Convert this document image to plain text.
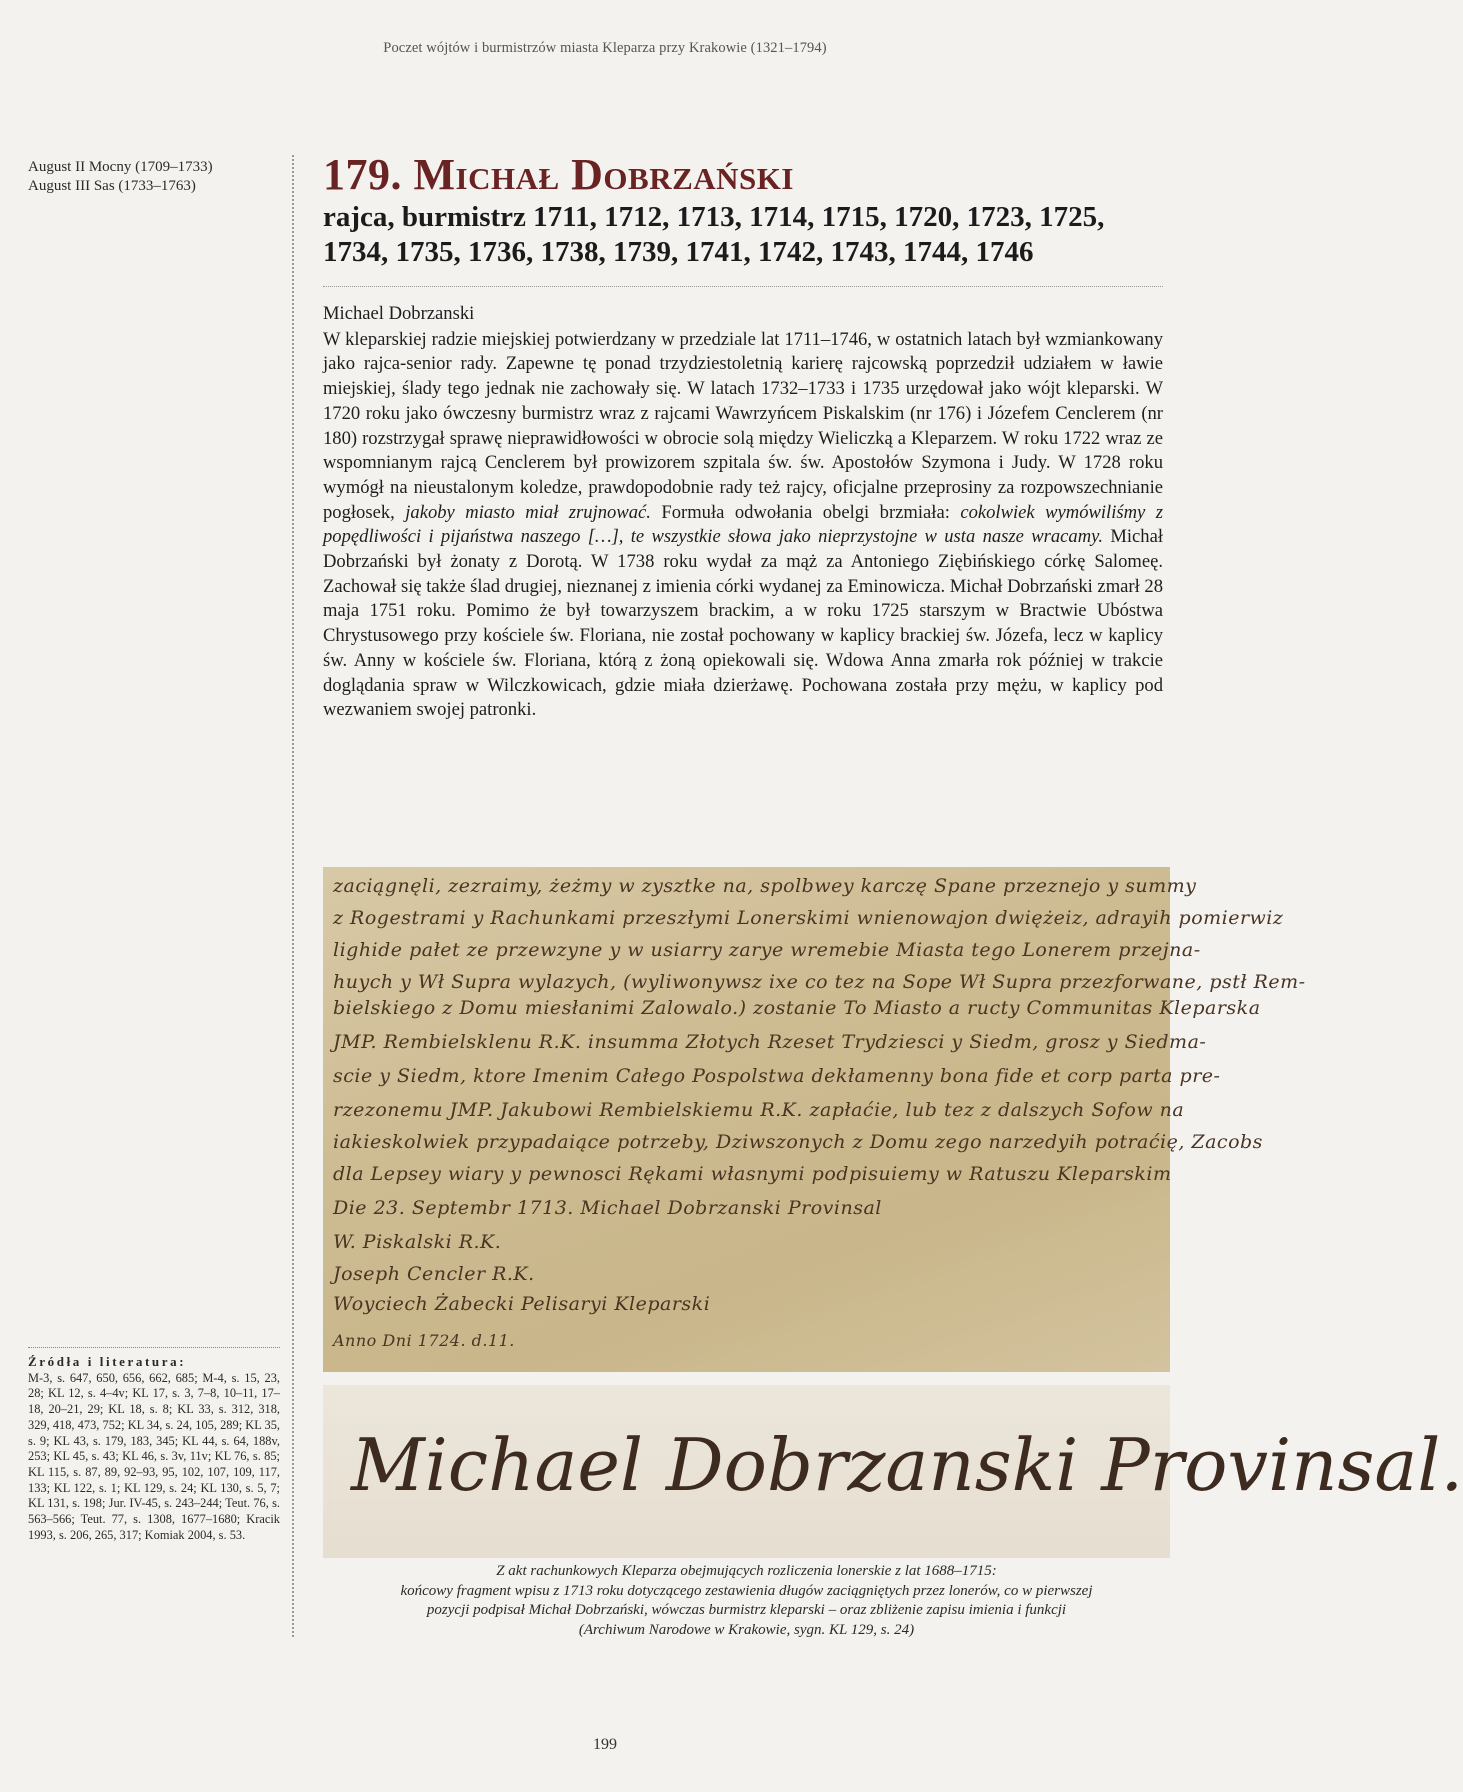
Poczet wójtów i burmistrzów miasta Kleparza przy Krakowie (1321–1794)
August II Mocny (1709–1733)
August III Sas (1733–1763)	179. Michał Dobrzański
rajca, burmistrz 1711, 1712, 1713, 1714, 1715, 1720, 1723, 1725, 1734, 1735, 1736, 1738, 1739, 1741, 1742, 1743, 1744, 1746
Michael Dobrzanski

W kleparskiej radzie miejskiej potwierdzany w przedziale lat 1711–1746, w ostatnich latach był wzmiankowany jako rajca-senior rady. Zapewne tę ponad trzydziestoletnią karierę rajcowską poprzedził udziałem w ławie miejskiej, ślady tego jednak nie zachowały się. W latach 1732–1733 i 1735 urzędował jako wójt kleparski. W 1720 roku jako ówczesny burmistrz wraz z rajcami Wawrzyńcem Piskalskim (nr 176) i Józefem Cenclerem (nr 180) rozstrzygał sprawę nieprawidłowości w obrocie solą między Wieliczką a Kleparzem. W roku 1722 wraz ze wspomnianym rajcą Cenclerem był prowizorem szpitala św. św. Apostołów Szymona i Judy. W 1728 roku wymógł na nieustalonym koledze, prawdopodobnie rady też rajcy, oficjalne przeprosiny za rozpowszechnianie pogłosek, jakoby miasto miał zrujnować. Formuła odwołania obelgi brzmiała: cokolwiek wymówiliśmy z popędliwości i pijaństwa naszego […], te wszystkie słowa jako nieprzystojne w usta nasze wracamy. Michał Dobrzański był żonaty z Dorotą. W 1738 roku wydał za mąż za Antoniego Ziębińskiego córkę Salomeę. Zachował się także ślad drugiej, nieznanej z imienia córki wydanej za Eminowicza. Michał Dobrzański zmarł 28 maja 1751 roku. Pomimo że był towarzyszem brackim, a w roku 1725 starszym w Bractwie Ubóstwa Chrystusowego przy kościele św. Floriana, nie został pochowany w kaplicy brackiej św. Józefa, lecz w kaplicy św. Anny w kościele św. Floriana, którą z żoną opiekowali się. Wdowa Anna zmarła rok później w trakcie doglądania spraw w Wilczkowicach, gdzie miała dzierżawę. Pochowana została przy mężu, w kaplicy pod wezwaniem swojej patronki.

zaciągnęli, zezraimy, żeżmy w zysztke na, spolbwey karczę Spane przeznejo y summy
z Rogestrami y Rachunkami przeszłymi Lonerskimi wnienowajon dwiężeiz, adrayih pomierwiz
lighide pałet ze przewzyne y w usiarry zarye wremebie Miasta tego Lonerem przejna-
huych y Wł Supra wylazych, (wyliwonywsz ixe co tez na Sope Wł Supra przezforwane, pstł Rem-
bielskiego z Domu miesłanimi Zalowalo.) zostanie To Miasto a ructy Communitas Kleparska
JMP. Rembielsklenu R.K. insumma Złotych Rzeset Trydziesci y Siedm, grosz y Siedma-
scie y Siedm, ktore Imenim Całego Pospolstwa dekłamenny bona fide et corp parta pre-
rzezonemu JMP. Jakubowi Rembielskiemu R.K. zapłaćie, lub tez z dalszych Sofow na
iakieskolwiek przypadaiące potrzeby, Dziwszonych z Domu zego narzedyih potraćię, Zacobs
dla Lepsey wiary y pewnosci Rękami własnymi podpisuiemy w Ratuszu Kleparskim
Die 23. Septembr 1713. Michael Dobrzanski Provinsal
W. Piskalski R.K.
Joseph Cencler R.K.
Woyciech Żabecki Pelisaryi Kleparski
Anno Dni 1724. d.11.
Michael Dobrzanski Provinsal.
Z akt rachunkowych Kleparza obejmujących rozliczenia lonerskie z lat 1688–1715:
końcowy fragment wpisu z 1713 roku dotyczącego zestawienia długów zaciągniętych przez lonerów, co w pierwszej
pozycji podpisał Michał Dobrzański, wówczas burmistrz kleparski – oraz zbliżenie zapisu imienia i funkcji
(Archiwum Narodowe w Krakowie, sygn. KL 129, s. 24)
Źródła i literatura:
M-3, s. 647, 650, 656, 662, 685; M-4, s. 15, 23, 28; KL 12, s. 4–4v; KL 17, s. 3, 7–8, 10–11, 17–18, 20–21, 29; KL 18, s. 8; KL 33, s. 312, 318, 329, 418, 473, 752; KL 34, s. 24, 105, 289; KL 35, s. 9; KL 43, s. 179, 183, 345; KL 44, s. 64, 188v, 253; KL 45, s. 43; KL 46, s. 3v, 11v; KL 76, s. 85; KL 115, s. 87, 89, 92–93, 95, 102, 107, 109, 117, 133; KL 122, s. 1; KL 129, s. 24; KL 130, s. 5, 7; KL 131, s. 198; Jur. IV-45, s. 243–244; Teut. 76, s. 563–566; Teut. 77, s. 1308, 1677–1680; Kracik 1993, s. 206, 265, 317; Komiak 2004, s. 53.
199
